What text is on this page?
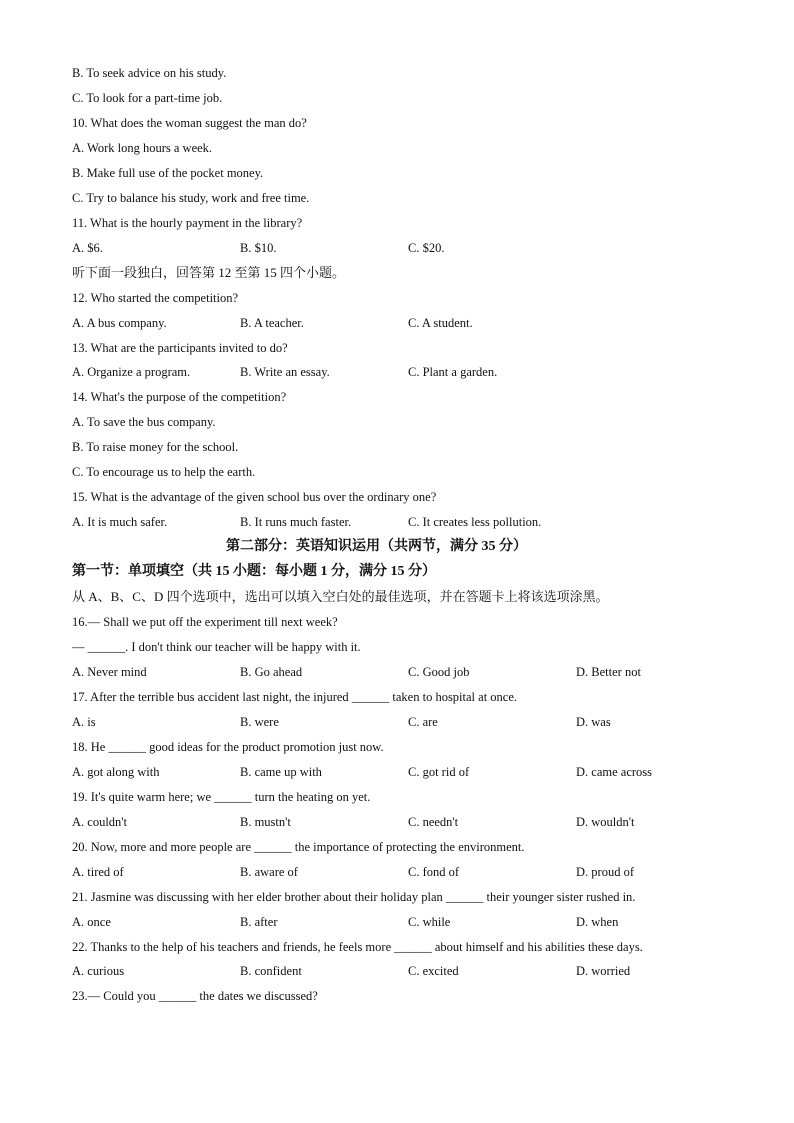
B. To seek advice on his study.
C. To look for a part-time job.
10. What does the woman suggest the man do?
A. Work long hours a week.
B. Make full use of the pocket money.
C. Try to balance his study, work and free time.
11. What is the hourly payment in the library?
A. $6.	B. $10.	C. $20.
听下面一段独白，回答第 12 至第 15 四个小题。
12. Who started the competition?
A. A bus company.	B. A teacher.	C. A student.
13. What are the participants invited to do?
A. Organize a program.	B. Write an essay.	C. Plant a garden.
14. What's the purpose of the competition?
A. To save the bus company.
B. To raise money for the school.
C. To encourage us to help the earth.
15. What is the advantage of the given school bus over the ordinary one?
A. It is much safer.	B. It runs much faster.	C. It creates less pollution.
第二部分：英语知识运用（共两节，满分 35 分）
第一节：单项填空（共 15 小题：每小题 1 分，满分 15 分）
从 A、B、C、D 四个选项中，选出可以填入空白处的最佳选项，并在答题卡上将该选项涂黑。
16.— Shall we put off the experiment till next week?
— ______. I don't think our teacher will be happy with it.
A. Never mind	B. Go ahead	C. Good job	D. Better not
17. After the terrible bus accident last night, the injured ______ taken to hospital at once.
A. is	B. were	C. are	D. was
18. He ______ good ideas for the product promotion just now.
A. got along with	B. came up with	C. got rid of	D. came across
19. It's quite warm here; we ______ turn the heating on yet.
A. couldn't	B. mustn't	C. needn't	D. wouldn't
20. Now, more and more people are ______ the importance of protecting the environment.
A. tired of	B. aware of	C. fond of	D. proud of
21. Jasmine was discussing with her elder brother about their holiday plan ______ their younger sister rushed in.
A. once	B. after	C. while	D. when
22. Thanks to the help of his teachers and friends, he feels more ______ about himself and his abilities these days.
A. curious	B. confident	C. excited	D. worried
23.— Could you ______ the dates we discussed?
